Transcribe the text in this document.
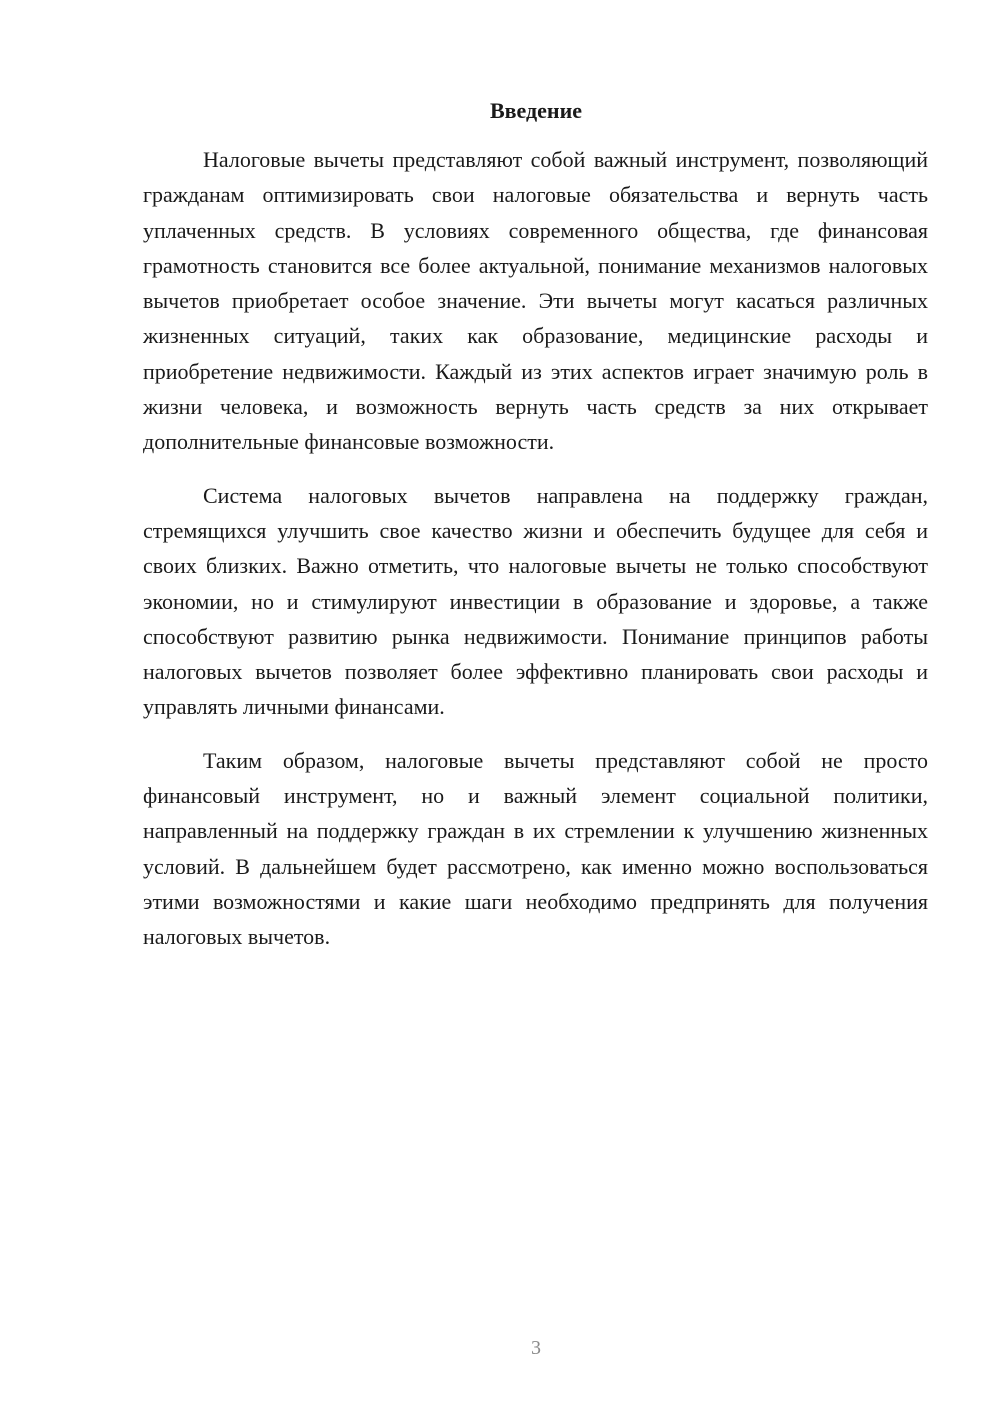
Введение

Налоговые вычеты представляют собой важный инструмент, позволяющий гражданам оптимизировать свои налоговые обязательства и вернуть часть уплаченных средств. В условиях современного общества, где финансовая грамотность становится все более актуальной, понимание механизмов налоговых вычетов приобретает особое значение. Эти вычеты могут касаться различных жизненных ситуаций, таких как образование, медицинские расходы и приобретение недвижимости. Каждый из этих аспектов играет значимую роль в жизни человека, и возможность вернуть часть средств за них открывает дополнительные финансовые возможности.

Система налоговых вычетов направлена на поддержку граждан, стремящихся улучшить свое качество жизни и обеспечить будущее для себя и своих близких. Важно отметить, что налоговые вычеты не только способствуют экономии, но и стимулируют инвестиции в образование и здоровье, а также способствуют развитию рынка недвижимости. Понимание принципов работы налоговых вычетов позволяет более эффективно планировать свои расходы и управлять личными финансами.

Таким образом, налоговые вычеты представляют собой не просто финансовый инструмент, но и важный элемент социальной политики, направленный на поддержку граждан в их стремлении к улучшению жизненных условий. В дальнейшем будет рассмотрено, как именно можно воспользоваться этими возможностями и какие шаги необходимо предпринять для получения налоговых вычетов.

3
